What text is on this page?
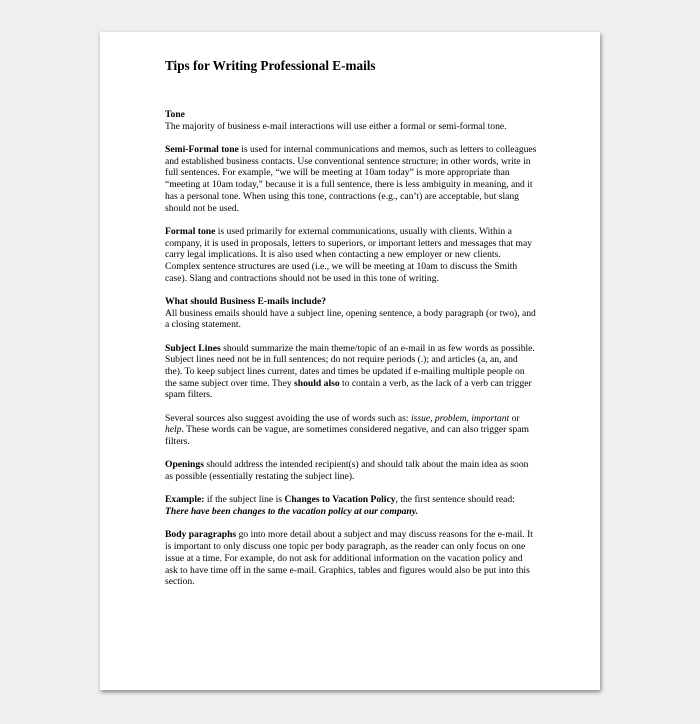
Tips for Writing Professional E-mails

Tone
The majority of business e-mail interactions will use either a formal or semi-formal tone.

Semi-Formal tone is used for internal communications and memos, such as letters to colleagues and established business contacts. Use conventional sentence structure; in other words, write in full sentences. For example, “we will be meeting at 10am today” is more appropriate than “meeting at 10am today,” because it is a full sentence, there is less ambiguity in meaning, and it has a personal tone. When using this tone, contractions (e.g., can’t) are acceptable, but slang should not be used.

Formal tone is used primarily for external communications, usually with clients. Within a company, it is used in proposals, letters to superiors, or important letters and messages that may carry legal implications. It is also used when contacting a new employer or new clients. Complex sentence structures are used (i.e., we will be meeting at 10am to discuss the Smith case). Slang and contractions should not be used in this tone of writing.

What should Business E-mails include?
All business emails should have a subject line, opening sentence, a body paragraph (or two), and a closing statement.

Subject Lines should summarize the main theme/topic of an e-mail in as few words as possible. Subject lines need not be in full sentences; do not require periods (.); and articles (a, an, and the). To keep subject lines current, dates and times be updated if e-mailing multiple people on the same subject over time. They should also to contain a verb, as the lack of a verb can trigger spam filters.

Several sources also suggest avoiding the use of words such as: issue, problem, important or help. These words can be vague, are sometimes considered negative, and can also trigger spam filters.

Openings should address the intended recipient(s) and should talk about the main idea as soon as possible (essentially restating the subject line).

Example: if the subject line is Changes to Vacation Policy, the first sentence should read: There have been changes to the vacation policy at our company.

Body paragraphs go into more detail about a subject and may discuss reasons for the e-mail. It is important to only discuss one topic per body paragraph, as the reader can only focus on one issue at a time. For example, do not ask for additional information on the vacation policy and ask to have time off in the same e-mail. Graphics, tables and figures would also be put into this section.
